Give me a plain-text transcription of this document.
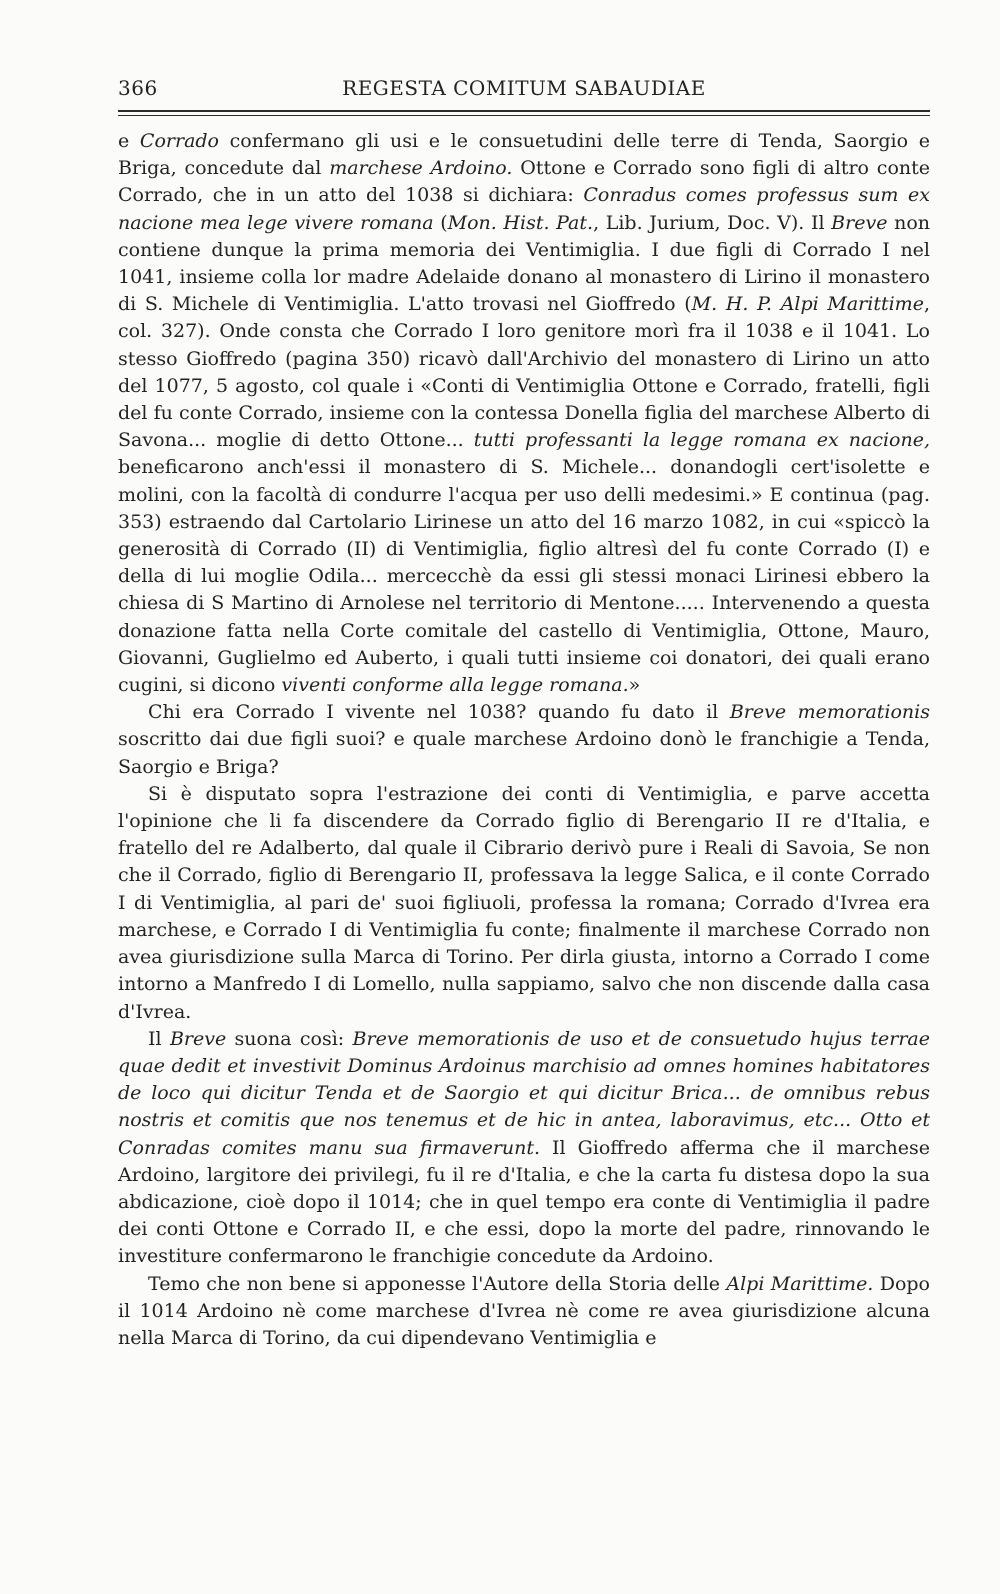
366	REGESTA COMITUM SABAUDIAE

e Corrado confermano gli usi e le consuetudini delle terre di Tenda, Saorgio e Briga, concedute dal marchese Ardoino. Ottone e Corrado sono figli di altro conte Corrado, che in un atto del 1038 si dichiara: Conradus comes professus sum ex nacione mea lege vivere romana (Mon. Hist. Pat., Lib. Jurium, Doc. V). Il Breve non contiene dunque la prima memoria dei Ventimiglia. I due figli di Corrado I nel 1041, insieme colla lor madre Adelaide donano al monastero di Lirino il monastero di S. Michele di Ventimiglia. L'atto trovasi nel Gioffredo (M. H. P. Alpi Marittime, col. 327). Onde consta che Corrado I loro genitore morì fra il 1038 e il 1041. Lo stesso Gioffredo (pagina 350) ricavò dall'Archivio del monastero di Lirino un atto del 1077, 5 agosto, col quale i «Conti di Ventimiglia Ottone e Corrado, fratelli, figli del fu conte Corrado, insieme con la contessa Donella figlia del marchese Alberto di Savona... moglie di detto Ottone... tutti professanti la legge romana ex nacione, beneficarono anch'essi il monastero di S. Michele... donandogli cert'isolette e molini, con la facoltà di condurre l'acqua per uso delli medesimi.» E continua (pag. 353) estraendo dal Cartolario Lirinese un atto del 16 marzo 1082, in cui «spiccò la generosità di Corrado (II) di Ventimiglia, figlio altresì del fu conte Corrado (I) e della di lui moglie Odila... mercecchè da essi gli stessi monaci Lirinesi ebbero la chiesa di S Martino di Arnolese nel territorio di Mentone..... Intervenendo a questa donazione fatta nella Corte comitale del castello di Ventimiglia, Ottone, Mauro, Giovanni, Guglielmo ed Auberto, i quali tutti insieme coi donatori, dei quali erano cugini, si dicono viventi conforme alla legge romana.»

Chi era Corrado I vivente nel 1038? quando fu dato il Breve memorationis soscritto dai due figli suoi? e quale marchese Ardoino donò le franchigie a Tenda, Saorgio e Briga?

Si è disputato sopra l'estrazione dei conti di Ventimiglia, e parve accetta l'opinione che li fa discendere da Corrado figlio di Berengario II re d'Italia, e fratello del re Adalberto, dal quale il Cibrario derivò pure i Reali di Savoia, Se non che il Corrado, figlio di Berengario II, professava la legge Salica, e il conte Corrado I di Ventimiglia, al pari de' suoi figliuoli, professa la romana; Corrado d'Ivrea era marchese, e Corrado I di Ventimiglia fu conte; finalmente il marchese Corrado non avea giurisdizione sulla Marca di Torino. Per dirla giusta, intorno a Corrado I come intorno a Manfredo I di Lomello, nulla sappiamo, salvo che non discende dalla casa d'Ivrea.

Il Breve suona così: Breve memorationis de uso et de consuetudo hujus terrae quae dedit et investivit Dominus Ardoinus marchisio ad omnes homines habitatores de loco qui dicitur Tenda et de Saorgio et qui dicitur Brica... de omnibus rebus nostris et comitis que nos tenemus et de hic in antea, laboravimus, etc... Otto et Conradas comites manu sua firmaverunt. Il Gioffredo afferma che il marchese Ardoino, largitore dei privilegi, fu il re d'Italia, e che la carta fu distesa dopo la sua abdicazione, cioè dopo il 1014; che in quel tempo era conte di Ventimiglia il padre dei conti Ottone e Corrado II, e che essi, dopo la morte del padre, rinnovando le investiture confermarono le franchigie concedute da Ardoino.

Temo che non bene si apponesse l'Autore della Storia delle Alpi Marittime. Dopo il 1014 Ardoino nè come marchese d'Ivrea nè come re avea giurisdizione alcuna nella Marca di Torino, da cui dipendevano Ventimiglia e
